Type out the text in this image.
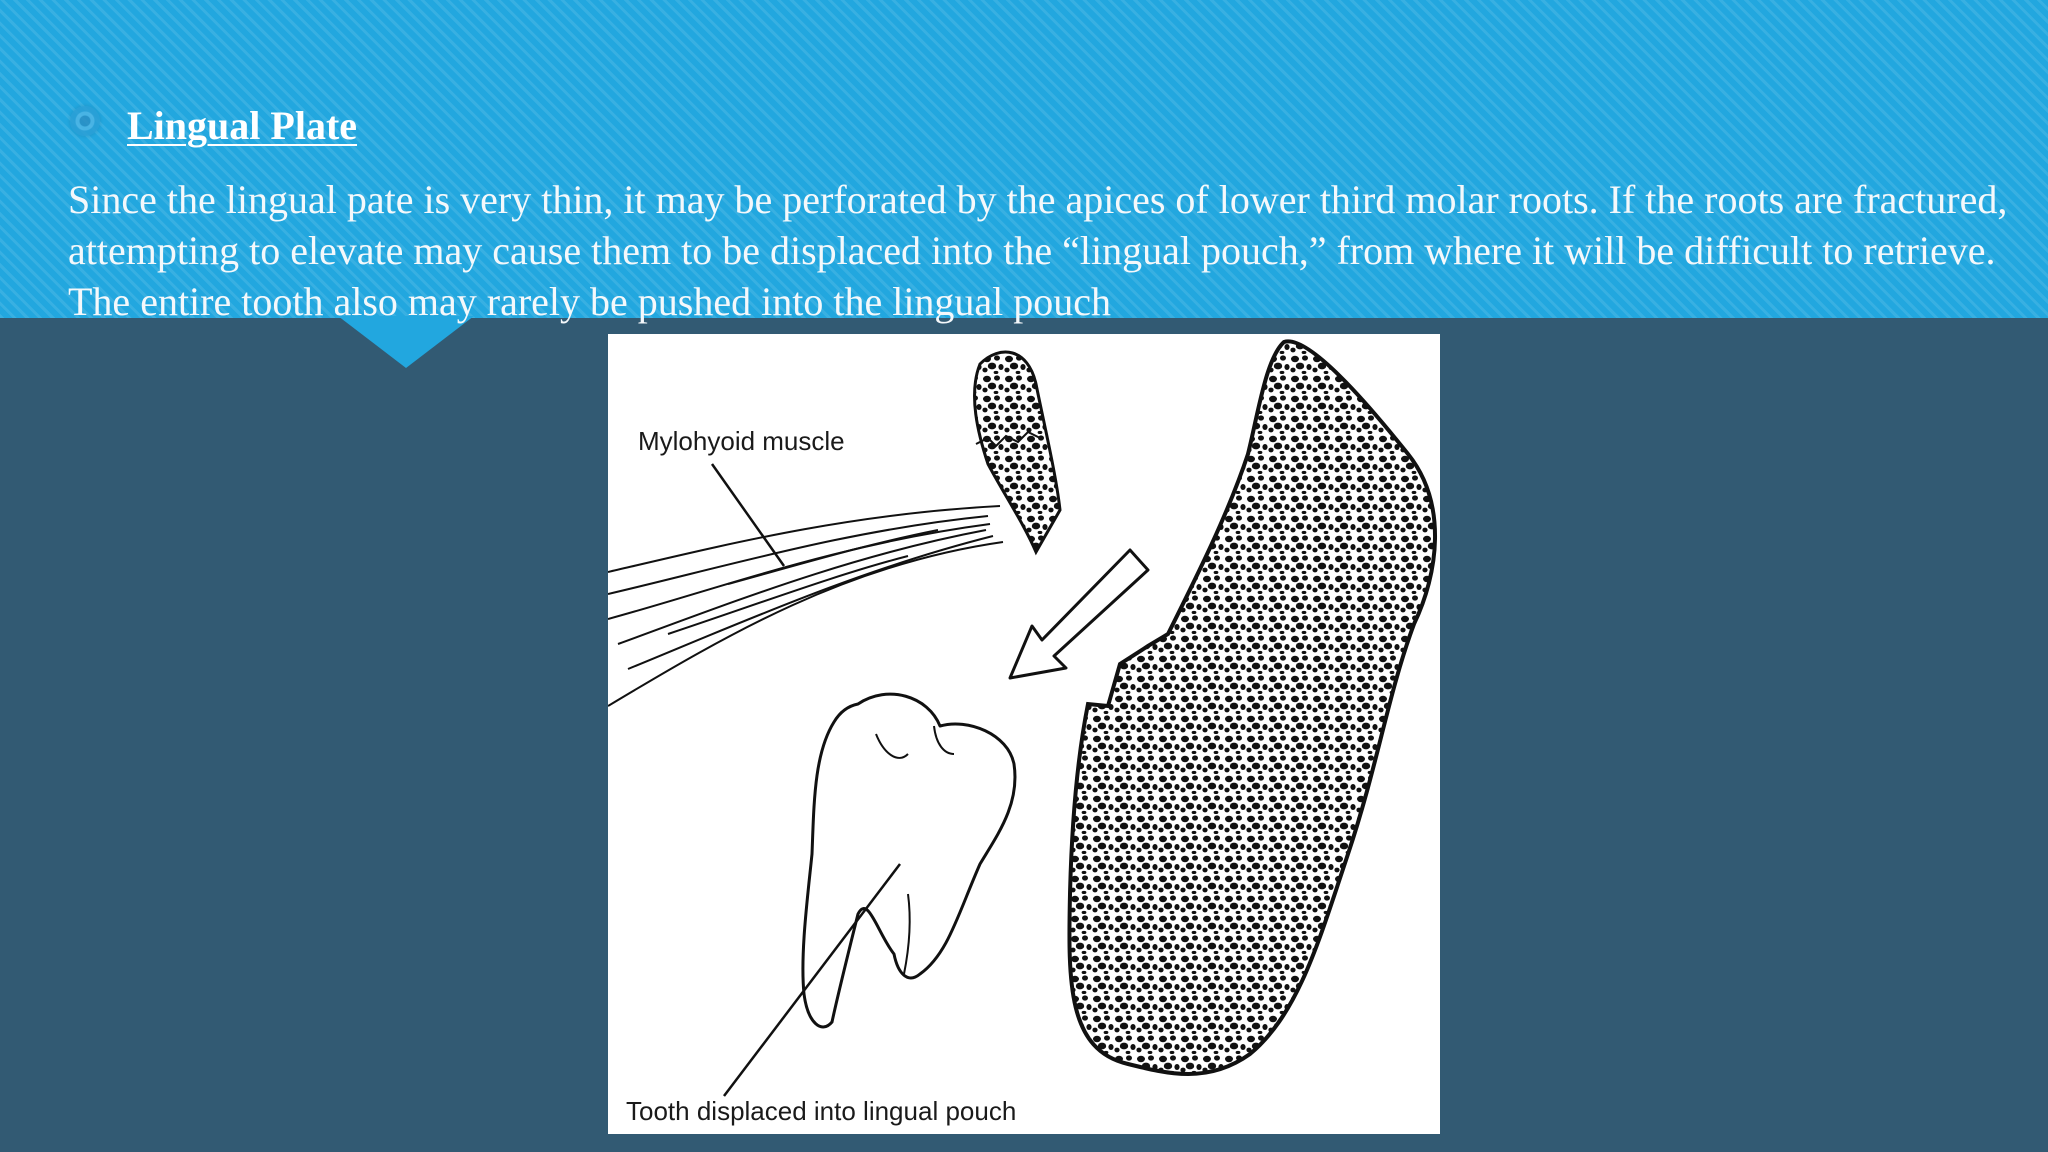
Lingual Plate
Since the lingual pate is very thin, it may be perforated by the apices of lower third molar roots. If the roots are fractured, attempting to elevate may cause them to be displaced into the “lingual pouch,” from where it will be difficult to retrieve. The entire tooth also may rarely be pushed into the lingual pouch
Mylohyoid muscle
Tooth displaced into lingual pouch
